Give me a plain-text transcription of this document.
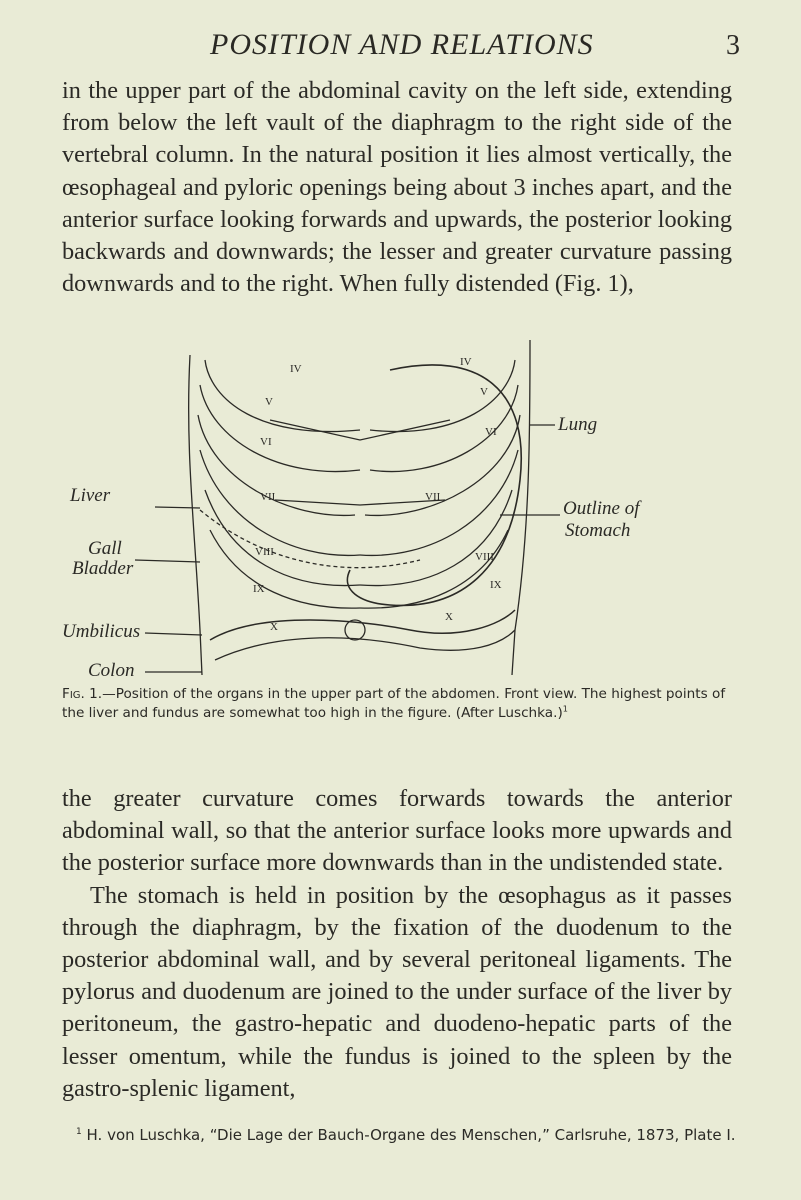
POSITION AND RELATIONS	3

in the upper part of the abdominal cavity on the left side, extending from below the left vault of the diaphragm to the right side of the vertebral column. In the natural position it lies almost vertically, the œsophageal and pyloric openings being about 3 inches apart, and the anterior surface looking forwards and upwards, the posterior looking backwards and downwards; the lesser and greater curvature passing downwards and to the right. When fully distended (Fig. 1),

IV
V
VI
VII
VIII
IX
X
IV
V
VI
VII
VIII
IX
X
Liver
Gall
Bladder
Umbilicus
Colon
Lung
Outline of
Stomach

Fig. 1.—Position of the organs in the upper part of the abdomen. Front view. The highest points of the liver and fundus are somewhat too high in the figure. (After Luschka.)$^1$

the greater curvature comes forwards towards the anterior abdominal wall, so that the anterior surface looks more upwards and the posterior surface more downwards than in the undistended state.
The stomach is held in position by the œsophagus as it passes through the diaphragm, by the fixation of the duodenum to the posterior abdominal wall, and by several peritoneal ligaments. The pylorus and duodenum are joined to the under surface of the liver by peritoneum, the gastro-hepatic and duodeno-hepatic parts of the lesser omentum, while the fundus is joined to the spleen by the gastro-splenic ligament,

$^1$ H. von Luschka, “Die Lage der Bauch-Organe des Menschen,” Carlsruhe, 1873, Plate I.
